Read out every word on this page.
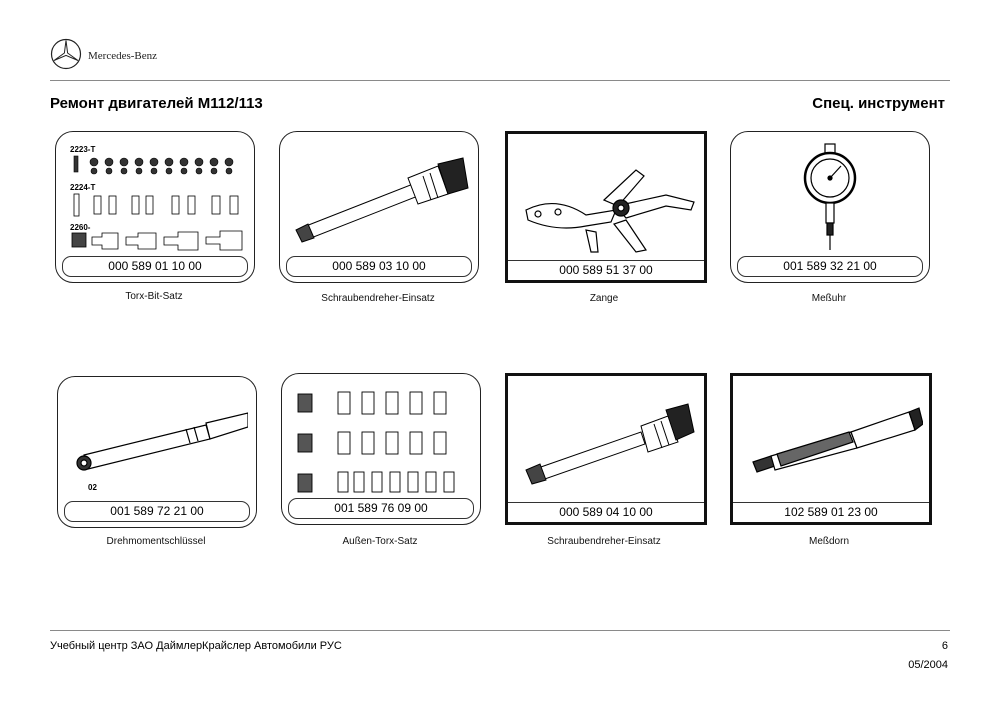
Mercedes-Benz
Ремонт двигателей М112/113	Спец. инструмент
2223-T
2224-T
2260-
000 589 01 10 00
Torx-Bit-Satz
000 589 03 10 00
Schraubendreher-Einsatz
000 589 51 37 00
Zange
001 589 32 21 00
Meßuhr
02
001 589 72 21 00
Drehmomentschlüssel
001 589 76 09 00
Außen-Torx-Satz
000 589 04 10 00
Schraubendreher-Einsatz
102 589 01 23 00
Meßdorn
Учебный центр ЗАО ДаймлерКрайслер Автомобили РУС	6
05/2004
